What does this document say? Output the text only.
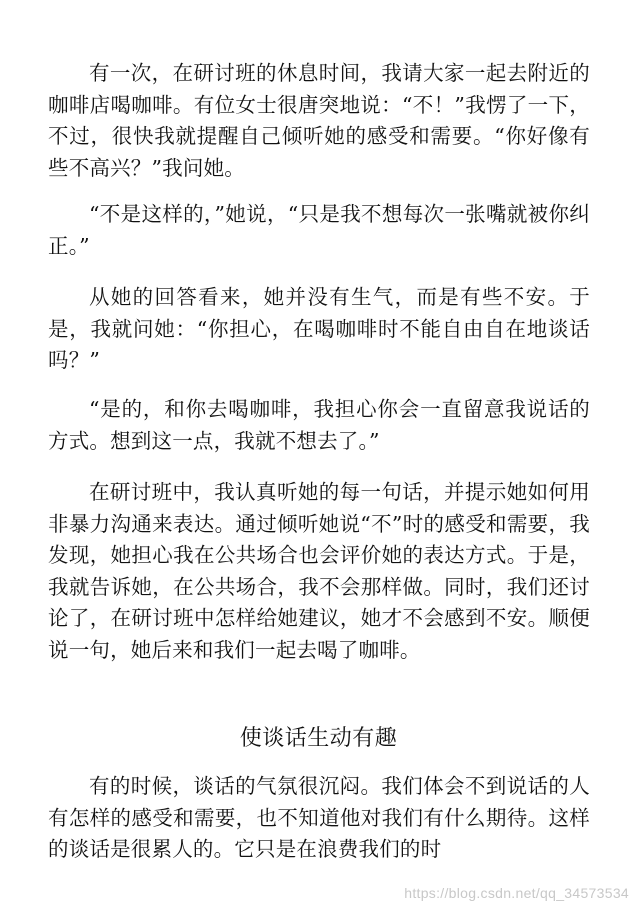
有一次，在研讨班的休息时间，我请大家一起去附近的咖啡店喝咖啡。有位女士很唐突地说：“不！”我愣了一下，不过，很快我就提醒自己倾听她的感受和需要。“你好像有些不高兴？”我问她。

“不是这样的，”她说，“只是我不想每次一张嘴就被你纠正。”

从她的回答看来，她并没有生气，而是有些不安。于是，我就问她：“你担心，在喝咖啡时不能自由自在地谈话吗？”

“是的，和你去喝咖啡，我担心你会一直留意我说话的方式。想到这一点，我就不想去了。”

在研讨班中，我认真听她的每一句话，并提示她如何用非暴力沟通来表达。通过倾听她说“不”时的感受和需要，我发现，她担心我在公共场合也会评价她的表达方式。于是，我就告诉她，在公共场合，我不会那样做。同时，我们还讨论了，在研讨班中怎样给她建议，她才不会感到不安。顺便说一句，她后来和我们一起去喝了咖啡。

使谈话生动有趣

有的时候，谈话的气氛很沉闷。我们体会不到说话的人有怎样的感受和需要，也不知道他对我们有什么期待。这样的谈话是很累人的。它只是在浪费我们的时

https://blog.csdn.net/qq_34573534
